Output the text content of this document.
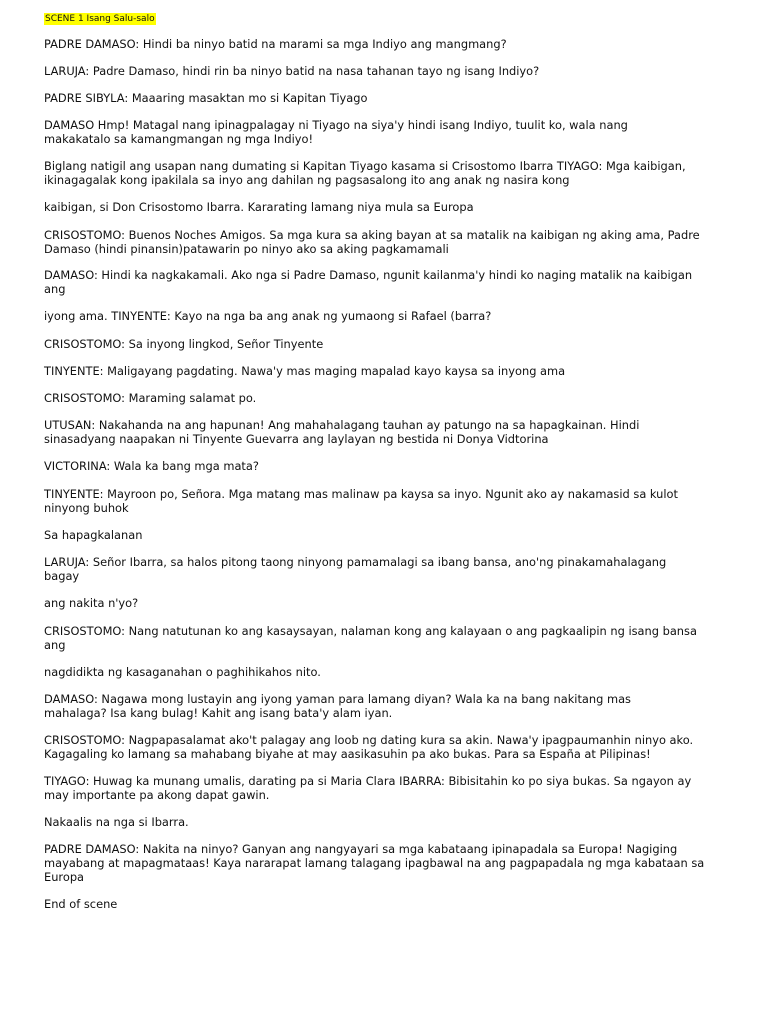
SCENE 1 Isang Salu-salo

PADRE DAMASO: Hindi ba ninyo batid na marami sa mga Indiyo ang mangmang?

LARUJA: Padre Damaso, hindi rin ba ninyo batid na nasa tahanan tayo ng isang Indiyo?

PADRE SIBYLA: Maaaring masaktan mo si Kapitan Tiyago

DAMASO Hmp! Matagal nang ipinagpalagay ni Tiyago na siya'y hindi isang Indiyo, tuulit ko, wala nang
makakatalo sa kamangmangan ng mga Indiyo!

Biglang natigil ang usapan nang dumating si Kapitan Tiyago kasama si Crisostomo Ibarra TIYAGO: Mga kaibigan,
ikinagagalak kong ipakilala sa inyo ang dahilan ng pagsasalong ito ang anak ng nasira kong

kaibigan, si Don Crisostomo Ibarra. Kararating lamang niya mula sa Europa

CRISOSTOMO: Buenos Noches Amigos. Sa mga kura sa aking bayan at sa matalik na kaibigan ng aking ama, Padre
Damaso (hindi pinansin)patawarin po ninyo ako sa aking pagkamamali

DAMASO: Hindi ka nagkakamali. Ako nga si Padre Damaso, ngunit kailanma'y hindi ko naging matalik na kaibigan
ang

iyong ama. TINYENTE: Kayo na nga ba ang anak ng yumaong si Rafael (barra?

CRISOSTOMO: Sa inyong lingkod, Señor Tinyente

TINYENTE: Maligayang pagdating. Nawa'y mas maging mapalad kayo kaysa sa inyong ama

CRISOSTOMO: Maraming salamat po.

UTUSAN: Nakahanda na ang hapunan! Ang mahahalagang tauhan ay patungo na sa hapagkainan. Hindi
sinasadyang naapakan ni Tinyente Guevarra ang laylayan ng bestida ni Donya Vidtorina

VICTORINA: Wala ka bang mga mata?

TINYENTE: Mayroon po, Señora. Mga matang mas malinaw pa kaysa sa inyo. Ngunit ako ay nakamasid sa kulot
ninyong buhok

Sa hapagkalanan

LARUJA: Señor Ibarra, sa halos pitong taong ninyong pamamalagi sa ibang bansa, ano'ng pinakamahalagang
bagay

ang nakita n'yo?

CRISOSTOMO: Nang natutunan ko ang kasaysayan, nalaman kong ang kalayaan o ang pagkaalipin ng isang bansa
ang

nagdidikta ng kasaganahan o paghihikahos nito.

DAMASO: Nagawa mong lustayin ang iyong yaman para lamang diyan? Wala ka na bang nakitang mas
mahalaga? Isa kang bulag! Kahit ang isang bata'y alam iyan.

CRISOSTOMO: Nagpapasalamat ako't palagay ang loob ng dating kura sa akin. Nawa'y ipagpaumanhin ninyo ako.
Kagagaling ko lamang sa mahabang biyahe at may aasikasuhin pa ako bukas. Para sa España at Pilipinas!

TIYAGO: Huwag ka munang umalis, darating pa si Maria Clara IBARRA: Bibisitahin ko po siya bukas. Sa ngayon ay
may importante pa akong dapat gawin.

Nakaalis na nga si Ibarra.

PADRE DAMASO: Nakita na ninyo? Ganyan ang nangyayari sa mga kabataang ipinapadala sa Europa! Nagiging
mayabang at mapagmataas! Kaya nararapat lamang talagang ipagbawal na ang pagpapadala ng mga kabataan sa
Europa

End of scene
